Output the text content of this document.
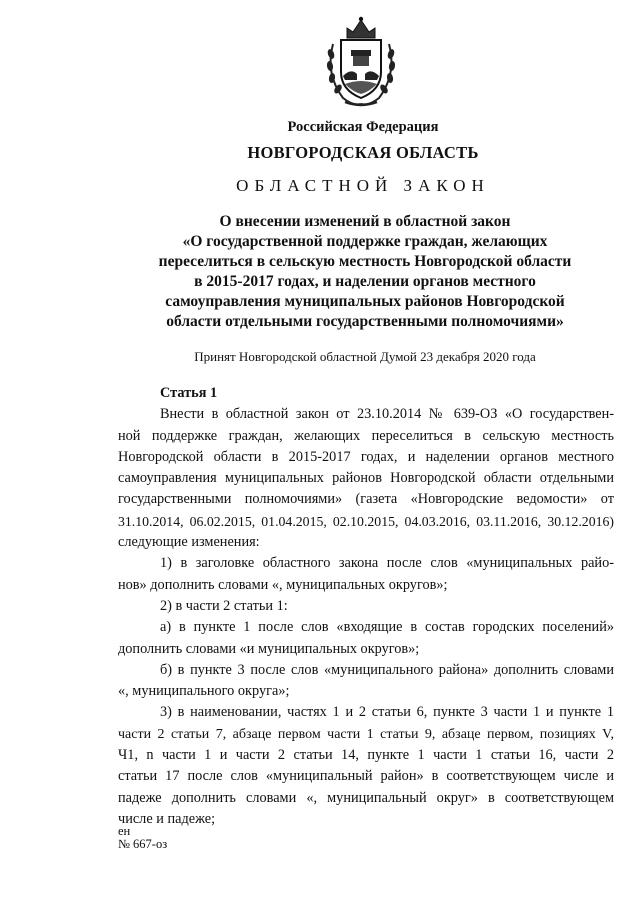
Российская Федерация
НОВГОРОДСКАЯ ОБЛАСТЬ
ОБЛАСТНОЙ ЗАКОН
О внесении изменений в областной закон
«О государственной поддержке граждан, желающих
переселиться в сельскую местность Новгородской области
в 2015-2017 годах, и наделении органов местного
самоуправления муниципальных районов Новгородской
области отдельными государственными полномочиями»
Принят Новгородской областной Думой 23 декабря 2020 года
Статья 1
Внести в областной закон от 23.10.2014 № 639-ОЗ «О государствен-
ной поддержке граждан, желающих переселиться в сельскую местность
Новгородской области в 2015-2017 годах, и наделении органов местного
самоуправления муниципальных районов Новгородской области отдельными
государственными полномочиями» (газета «Новгородские ведомости» от
31.10.2014, 06.02.2015, 01.04.2015, 02.10.2015, 04.03.2016, 03.11.2016, 30.12.2016)
следующие изменения:
1) в заголовке областного закона после слов «муниципальных райо-
нов» дополнить словами «, муниципальных округов»;
2) в части 2 статьи 1:
а) в пункте 1 после слов «входящие в состав городских поселений»
дополнить словами «и муниципальных округов»;
б) в пункте 3 после слов «муниципального района» дополнить словами
«, муниципального округа»;
3) в наименовании, частях 1 и 2 статьи 6, пункте 3 части 1 и пункте 1
части 2 статьи 7, абзаце первом части 1 статьи 9, абзаце первом, позициях V,
Ч1, n части 1 и части 2 статьи 14, пункте 1 части 1 статьи 16, части 2
статьи 17 после слов «муниципальный район» в соответствующем числе и
падеже дополнить словами «, муниципальный округ» в соответствующем
числе и падеже;
ен
№ 667-оз
